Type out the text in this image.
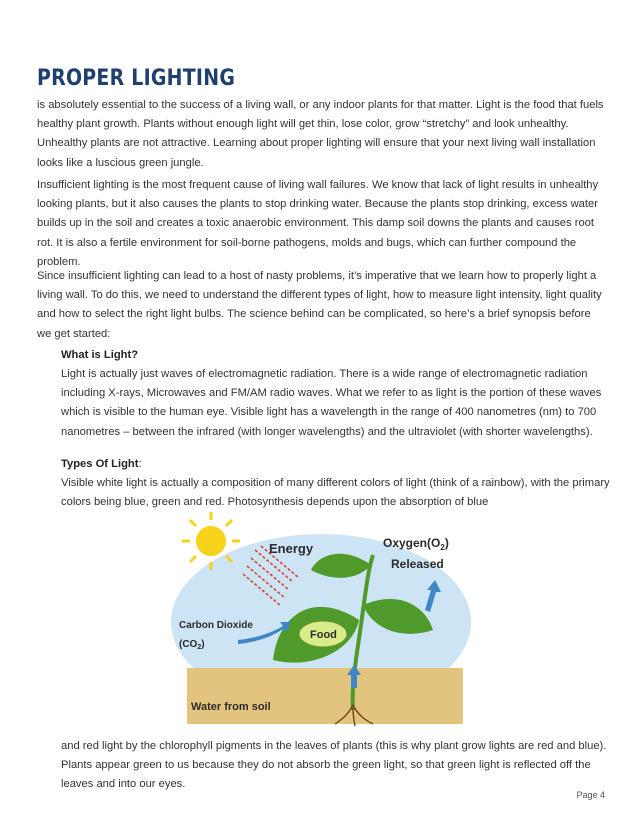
PROPER LIGHTING

is absolutely essential to the success of a living wall, or any indoor plants for that matter. Light is the food that fuels healthy plant growth. Plants without enough light will get thin, lose color, grow “stretchy” and look unhealthy. Unhealthy plants are not attractive. Learning about proper lighting will ensure that your next living wall installation looks like a luscious green jungle.

Insufficient lighting is the most frequent cause of living wall failures. We know that lack of light results in unhealthy looking plants, but it also causes the plants to stop drinking water. Because the plants stop drinking, excess water builds up in the soil and creates a toxic anaerobic environment. This damp soil downs the plants and causes root rot. It is also a fertile environment for soil-borne pathogens, molds and bugs, which can further compound the problem.

Since insufficient lighting can lead to a host of nasty problems, it’s imperative that we learn how to properly light a living wall. To do this, we need to understand the different types of light, how to measure light intensity, light quality and how to select the right light bulbs. The science behind can be complicated, so here’s a brief synopsis before we get started:

What is Light?

Light is actually just waves of electromagnetic radiation. There is a wide range of electromagnetic radiation including X-rays, Microwaves and FM/AM radio waves. What we refer to as light is the portion of these waves which is visible to the human eye. Visible light has a wavelength in the range of 400 nanometres (nm) to 700 nanometres – between the infrared (with longer wavelengths) and the ultraviolet (with shorter wavelengths).

Types Of Light:

Visible white light is actually a composition of many different colors of light (think of a rainbow), with the primary colors being blue, green and red. Photosynthesis depends upon the absorption of blue

Energy	$Oxygen(O_2)$
Released
Carbon Dioxide
$(CO_2)$
Food
Water from soil

and red light by the chlorophyll pigments in the leaves of plants (this is why plant grow lights are red and blue). Plants appear green to us because they do not absorb the green light, so that green light is reflected off the leaves and into our eyes.

Page 4
